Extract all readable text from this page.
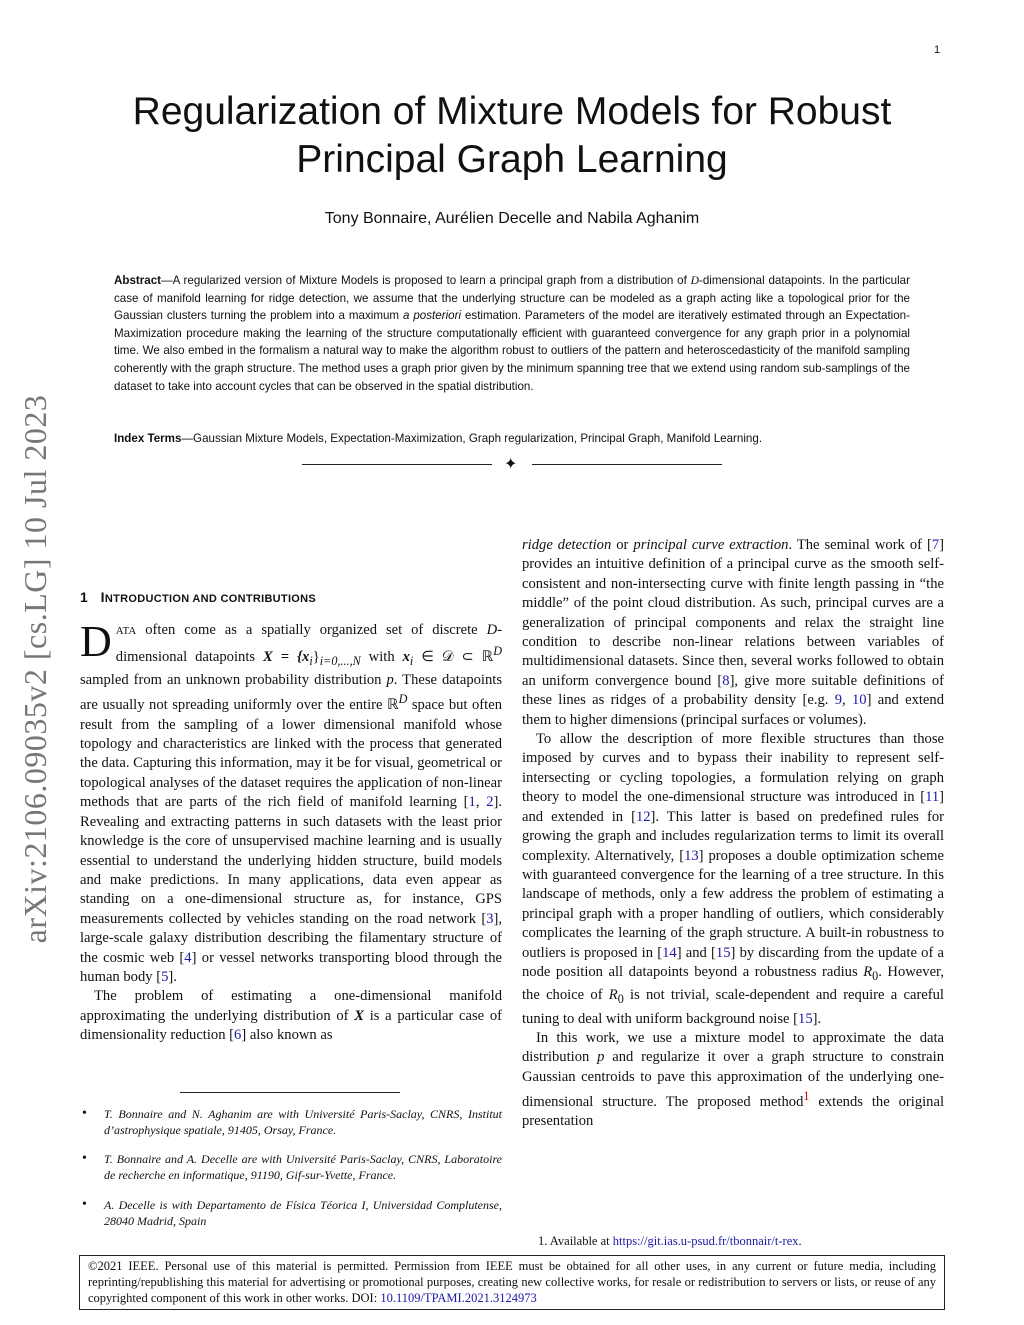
1
arXiv:2106.09035v2 [cs.LG] 10 Jul 2023
Regularization of Mixture Models for Robust
Principal Graph Learning
Tony Bonnaire, Aurélien Decelle and Nabila Aghanim
Abstract—A regularized version of Mixture Models is proposed to learn a principal graph from a distribution of D-dimensional datapoints. In the particular case of manifold learning for ridge detection, we assume that the underlying structure can be modeled as a graph acting like a topological prior for the Gaussian clusters turning the problem into a maximum a posteriori estimation. Parameters of the model are iteratively estimated through an Expectation-Maximization procedure making the learning of the structure computationally efficient with guaranteed convergence for any graph prior in a polynomial time. We also embed in the formalism a natural way to make the algorithm robust to outliers of the pattern and heteroscedasticity of the manifold sampling coherently with the graph structure. The method uses a graph prior given by the minimum spanning tree that we extend using random sub-samplings of the dataset to take into account cycles that can be observed in the spatial distribution.
Index Terms—Gaussian Mixture Models, Expectation-Maximization, Graph regularization, Principal Graph, Manifold Learning.
✦
1 INTRODUCTION AND CONTRIBUTIONS

DATA often come as a spatially organized set of discrete D-dimensional datapoints $X = \{x_i\}_{i=0,...,N}$ with $x_i$ ∈ 𝒟 ⊂ ℝ$^D$ sampled from an unknown probability distribution p. These datapoints are usually not spreading uniformly over the entire ℝ$^D$ space but often result from the sampling of a lower dimensional manifold whose topology and characteristics are linked with the process that generated the data. Capturing this information, may it be for visual, geometrical or topological analyses of the dataset requires the application of non-linear methods that are parts of the rich field of manifold learning [1, 2]. Revealing and extracting patterns in such datasets with the least prior knowledge is the core of unsupervised machine learning and is usually essential to understand the underlying hidden structure, build models and make predictions. In many applications, data even appear as standing on a one-dimensional structure as, for instance, GPS measurements collected by vehicles standing on the road network [3], large-scale galaxy distribution describing the filamentary structure of the cosmic web [4] or vessel networks transporting blood through the human body [5].

The problem of estimating a one-dimensional manifold approximating the underlying distribution of X is a particular case of dimensionality reduction [6] also known as

• T. Bonnaire and N. Aghanim are with Université Paris-Saclay, CNRS, Institut d’astrophysique spatiale, 91405, Orsay, France.
• T. Bonnaire and A. Decelle are with Université Paris-Saclay, CNRS, Laboratoire de recherche en informatique, 91190, Gif-sur-Yvette, France.
• A. Decelle is with Departamento de Física Téorica I, Universidad Complutense, 28040 Madrid, Spain

ridge detection or principal curve extraction. The seminal work of [7] provides an intuitive definition of a principal curve as the smooth self-consistent and non-intersecting curve with finite length passing in “the middle” of the point cloud distribution. As such, principal curves are a generalization of principal components and relax the straight line condition to describe non-linear relations between variables of multidimensional datasets. Since then, several works followed to obtain an uniform convergence bound [8], give more suitable definitions of these lines as ridges of a probability density [e.g. 9, 10] and extend them to higher dimensions (principal surfaces or volumes).

To allow the description of more flexible structures than those imposed by curves and to bypass their inability to represent self-intersecting or cycling topologies, a formulation relying on graph theory to model the one-dimensional structure was introduced in [11] and extended in [12]. This latter is based on predefined rules for growing the graph and includes regularization terms to limit its overall complexity. Alternatively, [13] proposes a double optimization scheme with guaranteed convergence for the learning of a tree structure. In this landscape of methods, only a few address the problem of estimating a principal graph with a proper handling of outliers, which considerably complicates the learning of the graph structure. A built-in robustness to outliers is proposed in [14] and [15] by discarding from the update of a node position all datapoints beyond a robustness radius $R_0$. However, the choice of $R_0$ is not trivial, scale-dependent and require a careful tuning to deal with uniform background noise [15].

In this work, we use a mixture model to approximate the data distribution p and regularize it over a graph structure to constrain Gaussian centroids to pave this approximation of the underlying one-dimensional structure. The proposed method$^1$ extends the original presentation

1. Available at https://git.ias.u-psud.fr/tbonnair/t-rex.
©2021 IEEE. Personal use of this material is permitted. Permission from IEEE must be obtained for all other uses, in any current or future media, including reprinting/republishing this material for advertising or promotional purposes, creating new collective works, for resale or redistribution to servers or lists, or reuse of any copyrighted component of this work in other works. DOI: 10.1109/TPAMI.2021.3124973
